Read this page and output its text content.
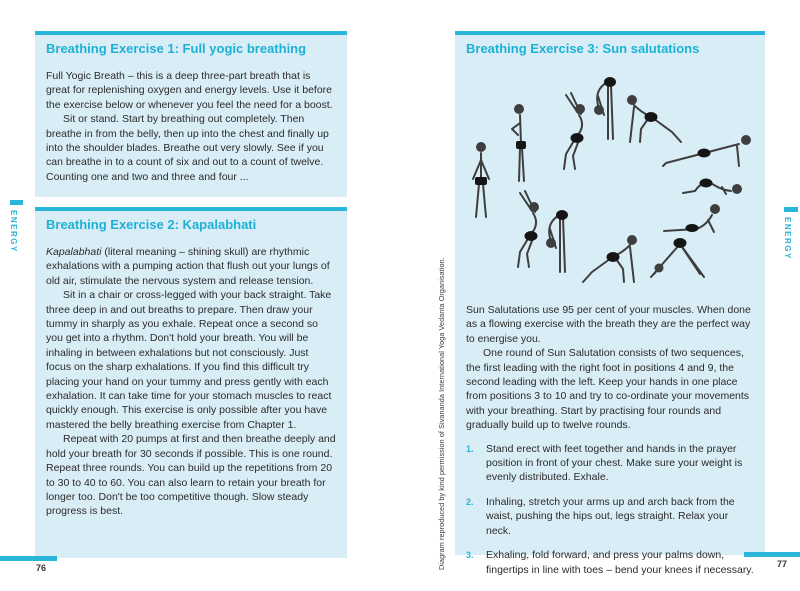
Breathing Exercise 1: Full yogic breathing

Full Yogic Breath – this is a deep three-part breath that is great for replenishing oxygen and energy levels. Use it before the exercise below or whenever you feel the need for a boost.

Sit or stand. Start by breathing out completely. Then breathe in from the belly, then up into the chest and finally up into the shoulder blades. Breathe out very slowly. See if you can breathe in to a count of six and out to a count of twelve. Counting one and two and three and four ...

Breathing Exercise 2: Kapalabhati

Kapalabhati (literal meaning – shining skull) are rhythmic exhalations with a pumping action that flush out your lungs of old air, stimulate the nervous system and release tension.

Sit in a chair or cross-legged with your back straight. Take three deep in and out breaths to prepare. Then draw your tummy in sharply as you exhale. Repeat once a second so you get into a rhythm. Don't hold your breath. You will be inhaling in between exhalations but not consciously. Just focus on the sharp exhalations. If you find this difficult try placing your hand on your tummy and press gently with each exhalation. It can take time for your stomach muscles to react quickly enough. This exercise is only possible after you have mastered the belly breathing exercise from Chapter 1.

Repeat with 20 pumps at first and then breathe deeply and hold your breath for 30 seconds if possible. This is one round. Repeat three rounds. You can build up the repetitions from 20 to 30 to 40 to 60. You can also learn to retain your breath for longer too. Don't be too competitive though. Slow steady progress is best.	Diagram reproduced by kind permission of Sivananda International Yoga Vedanta Organisation.
Breathing Exercise 3: Sun salutations

Sun Salutations use 95 per cent of your muscles. When done as a flowing exercise with the breath they are the perfect way to energise you.

One round of Sun Salutation consists of two sequences, the first leading with the right foot in positions 4 and 9, the second leading with the left. Keep your hands in one place from positions 3 to 10 and try to co-ordinate your movements with your breathing. Start by practising four rounds and gradually build up to twelve rounds.

1.	Stand erect with feet together and hands in the prayer position in front of your chest. Make sure your weight is evenly distributed. Exhale.
2.	Inhaling, stretch your arms up and arch back from the waist, pushing the hips out, legs straight. Relax your neck.
3.	Exhaling, fold forward, and press your palms down, fingertips in line with toes – bend your knees if necessary.
ENERGY	ENERGY
76	77
